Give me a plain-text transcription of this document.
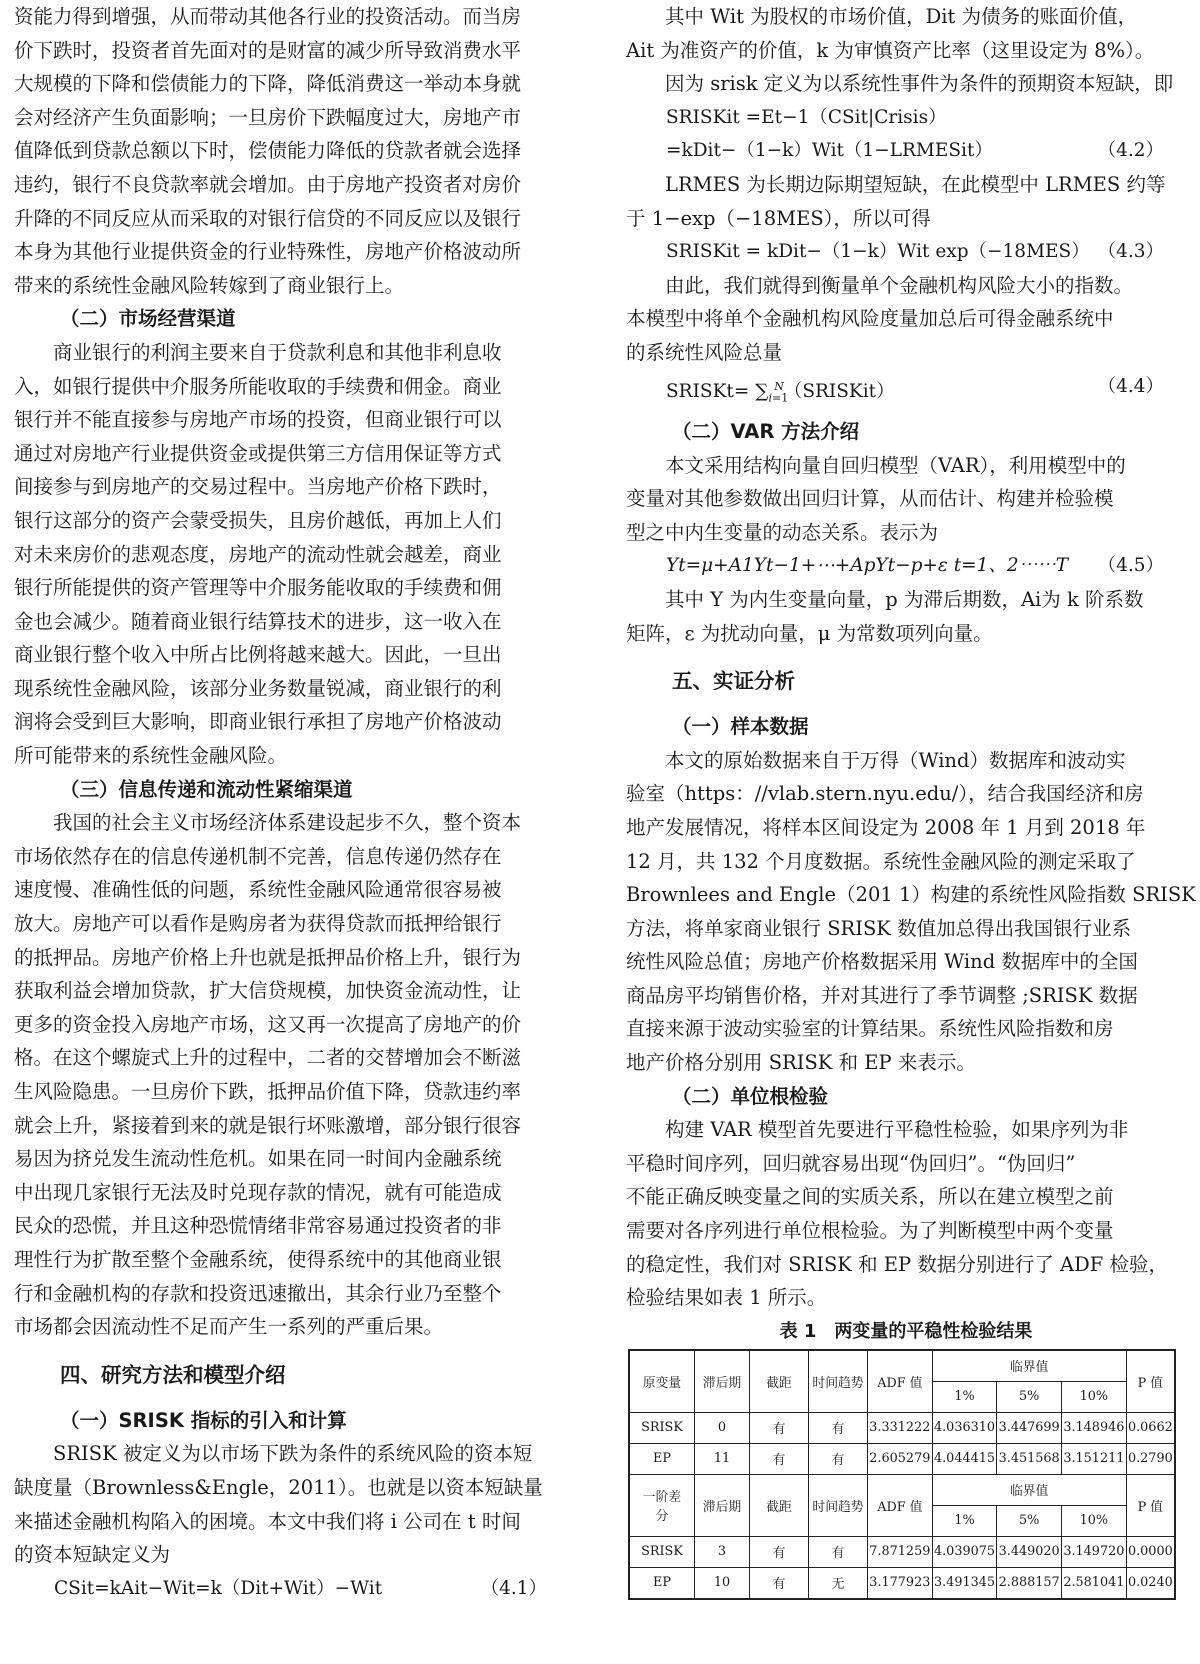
资能力得到增强，从而带动其他各行业的投资活动。而当房
价下跌时，投资者首先面对的是财富的减少所导致消费水平
大规模的下降和偿债能力的下降，降低消费这一举动本身就
会对经济产生负面影响；一旦房价下跌幅度过大，房地产市
值降低到贷款总额以下时，偿债能力降低的贷款者就会选择
违约，银行不良贷款率就会增加。由于房地产投资者对房价
升降的不同反应从而采取的对银行信贷的不同反应以及银行
本身为其他行业提供资金的行业特殊性，房地产价格波动所
带来的系统性金融风险转嫁到了商业银行上。
（二）市场经营渠道
商业银行的利润主要来自于贷款利息和其他非利息收
入，如银行提供中介服务所能收取的手续费和佣金。商业
银行并不能直接参与房地产市场的投资，但商业银行可以
通过对房地产行业提供资金或提供第三方信用保证等方式
间接参与到房地产的交易过程中。当房地产价格下跌时，
银行这部分的资产会蒙受损失，且房价越低，再加上人们
对未来房价的悲观态度，房地产的流动性就会越差，商业
银行所能提供的资产管理等中介服务能收取的手续费和佣
金也会减少。随着商业银行结算技术的进步，这一收入在
商业银行整个收入中所占比例将越来越大。因此，一旦出
现系统性金融风险，该部分业务数量锐减，商业银行的利
润将会受到巨大影响，即商业银行承担了房地产价格波动
所可能带来的系统性金融风险。
（三）信息传递和流动性紧缩渠道
我国的社会主义市场经济体系建设起步不久，整个资本
市场依然存在的信息传递机制不完善，信息传递仍然存在
速度慢、准确性低的问题，系统性金融风险通常很容易被
放大。房地产可以看作是购房者为获得贷款而抵押给银行
的抵押品。房地产价格上升也就是抵押品价格上升，银行为
获取利益会增加贷款，扩大信贷规模，加快资金流动性，让
更多的资金投入房地产市场，这又再一次提高了房地产的价
格。在这个螺旋式上升的过程中，二者的交替增加会不断滋
生风险隐患。一旦房价下跌，抵押品价值下降，贷款违约率
就会上升，紧接着到来的就是银行坏账激增，部分银行很容
易因为挤兑发生流动性危机。如果在同一时间内金融系统
中出现几家银行无法及时兑现存款的情况，就有可能造成
民众的恐慌，并且这种恐慌情绪非常容易通过投资者的非
理性行为扩散至整个金融系统，使得系统中的其他商业银
行和金融机构的存款和投资迅速撤出，其余行业乃至整个
市场都会因流动性不足而产生一系列的严重后果。
四、研究方法和模型介绍
（一）SRISK 指标的引入和计算
SRISK 被定义为以市场下跌为条件的系统风险的资本短
缺度量（Brownless&Engle，2011）。也就是以资本短缺量
来描述金融机构陷入的困境。本文中我们将 i 公司在 t 时间
的资本短缺定义为
CSit=kAit−Wit=k（Dit+Wit）−Wit	（4.1）
其中 Wit 为股权的市场价值，Dit 为债务的账面价值，
Ait 为准资产的价值，k 为审慎资产比率（这里设定为 8%）。
因为 srisk 定义为以系统性事件为条件的预期资本短缺，即
SRISKit =Et−1（CSit|Crisis）
=kDit−（1−k）Wit（1−LRMESit）	（4.2）
LRMES 为长期边际期望短缺，在此模型中 LRMES 约等
于 1−exp（−18MES），所以可得
SRISKit = kDit−（1−k）Wit exp（−18MES） （4.3）
由此，我们就得到衡量单个金融机构风险大小的指数。
本模型中将单个金融机构风险度量加总后可得金融系统中
的系统性风险总量
SRISKt= $\sum_{i=1}^N(SRISKit)$	（4.4）
（二）VAR 方法介绍
本文采用结构向量自回归模型（VAR），利用模型中的
变量对其他参数做出回归计算，从而估计、构建并检验模
型之中内生变量的动态关系。表示为
Yt=μ+A1Yt−1+⋯+ApYt−p+ε t=1、2⋯⋯T （4.5）
其中 Y 为内生变量向量，p 为滞后期数，Ai为 k 阶系数
矩阵，ε 为扰动向量，μ 为常数项列向量。
五、实证分析
（一）样本数据
本文的原始数据来自于万得（Wind）数据库和波动实
验室（https：//vlab.stern.nyu.edu/），结合我国经济和房
地产发展情况，将样本区间设定为 2008 年 1 月到 2018 年
12 月，共 132 个月度数据。系统性金融风险的测定采取了
Brownlees and Engle（201 1）构建的系统性风险指数 SRISK
方法，将单家商业银行 SRISK 数值加总得出我国银行业系
统性风险总值；房地产价格数据采用 Wind 数据库中的全国
商品房平均销售价格，并对其进行了季节调整 ;SRISK 数据
直接来源于波动实验室的计算结果。系统性风险指数和房
地产价格分别用 SRISK 和 EP 来表示。
（二）单位根检验
构建 VAR 模型首先要进行平稳性检验，如果序列为非
平稳时间序列，回归就容易出现“伪回归”。“伪回归”
不能正确反映变量之间的实质关系，所以在建立模型之前
需要对各序列进行单位根检验。为了判断模型中两个变量
的稳定性，我们对 SRISK 和 EP 数据分别进行了 ADF 检验，
检验结果如表 1 所示。
表 1　两变量的平稳性检验结果
原变量	滞后期	截距	时间趋势	ADF 值	临界值			P 值
					1%	5%	10%	
SRISK	0	有	有	3.331222	4.036310	3.447699	3.148946	0.0662
EP	11	有	有	2.605279	4.044415	3.451568	3.151211	0.2790
一阶差分	滞后期	截距	时间趋势	ADF 值	临界值			P 值
					1%	5%	10%	
SRISK	3	有	有	7.871259	4.039075	3.449020	3.149720	0.0000
EP	10	有	无	3.177923	3.491345	2.888157	2.581041	0.0240
